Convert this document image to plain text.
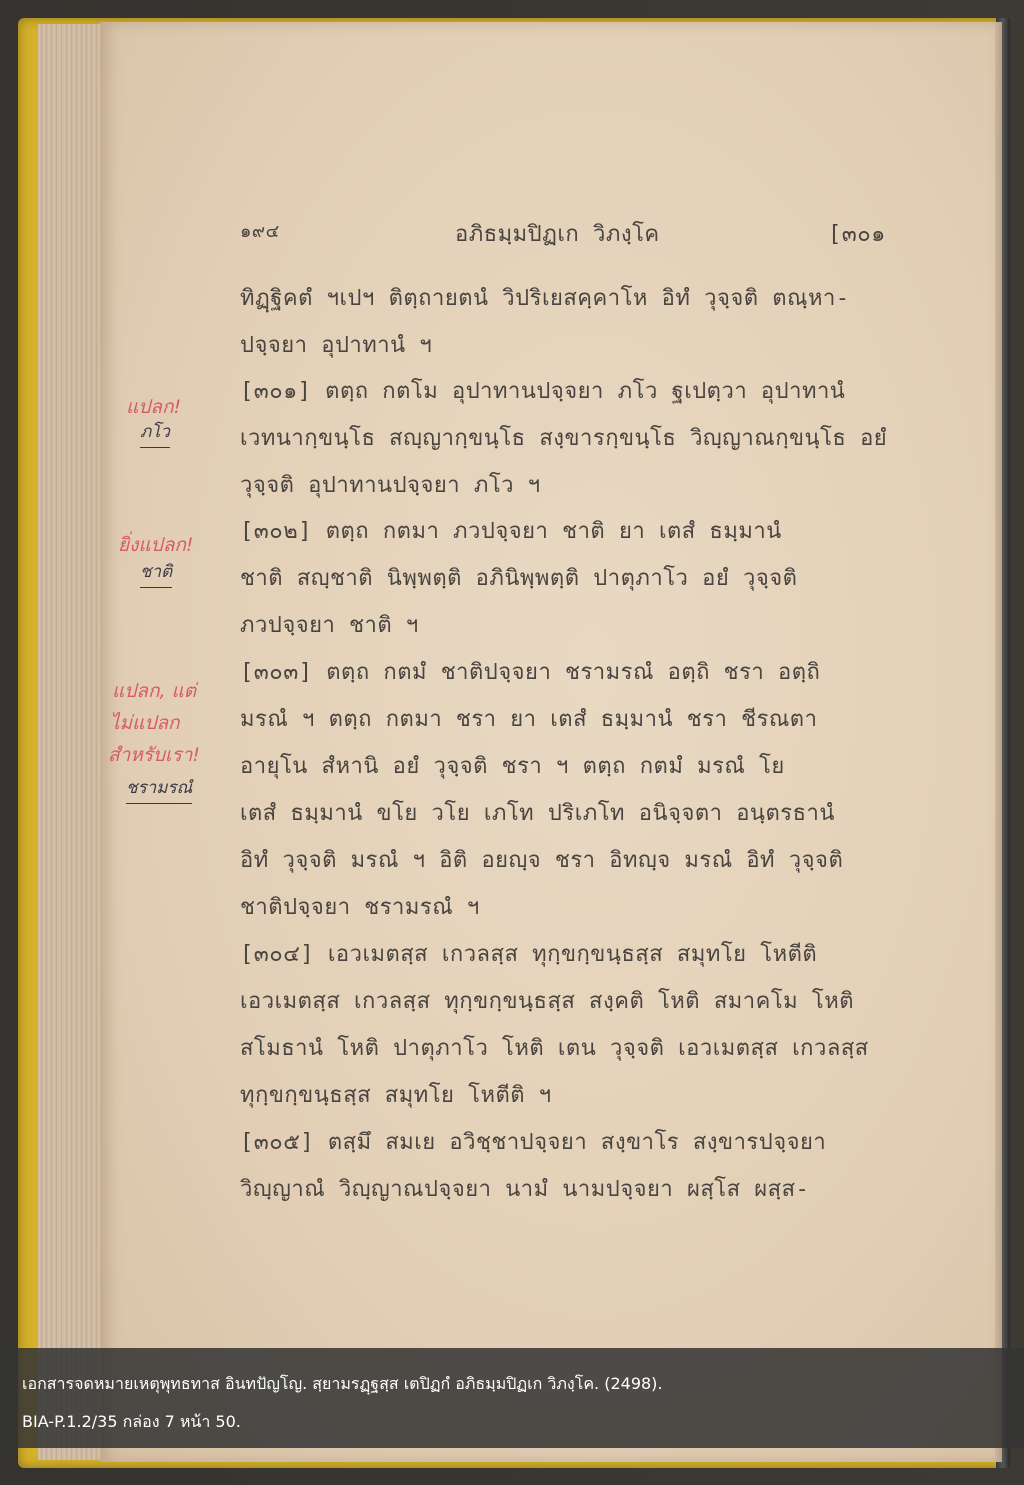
๑๙๔	อภิธมฺมปิฏเก วิภงฺโค	[๓๐๑
ทิฏฺฐิคตํ ฯเปฯ ติตฺถายตนํ วิปริเยสคฺคาโห อิทํ วุจฺจติ ตณฺหา-
ปจฺจยา อุปาทานํ ฯ
[๓๐๑] ตตฺถ กตโม อุปาทานปจฺจยา ภโว ฐเปตฺวา อุปาทานํ
เวทนากฺขนฺโธ สญฺญากฺขนฺโธ สงฺขารกฺขนฺโธ วิญฺญาณกฺขนฺโธ อยํ
วุจฺจติ อุปาทานปจฺจยา ภโว ฯ
[๓๐๒] ตตฺถ กตมา ภวปจฺจยา ชาติ ยา เตสํ ธมฺมานํ
ชาติ สญฺชาติ นิพฺพตฺติ อภินิพฺพตฺติ ปาตุภาโว อยํ วุจฺจติ
ภวปจฺจยา ชาติ ฯ
[๓๐๓] ตตฺถ กตมํ ชาติปจฺจยา ชรามรณํ อตฺถิ ชรา อตฺถิ
มรณํ ฯ ตตฺถ กตมา ชรา ยา เตสํ ธมฺมานํ ชรา ชีรณตา
อายุโน สํหานิ อยํ วุจฺจติ ชรา ฯ ตตฺถ กตมํ มรณํ โย
เตสํ ธมฺมานํ ขโย วโย เภโท ปริเภโท อนิจฺจตา อนฺตรธานํ
อิทํ วุจฺจติ มรณํ ฯ อิติ อยญฺจ ชรา อิทญฺจ มรณํ อิทํ วุจฺจติ
ชาติปจฺจยา ชรามรณํ ฯ
[๓๐๔] เอวเมตสฺส เกวลสฺส ทุกฺขกฺขนฺธสฺส สมุทโย โหตีติ
เอวเมตสฺส เกวลสฺส ทุกฺขกฺขนฺธสฺส สงฺคติ โหติ สมาคโม โหติ
สโมธานํ โหติ ปาตุภาโว โหติ เตน วุจฺจติ เอวเมตสฺส เกวลสฺส
ทุกฺขกฺขนฺธสฺส สมุทโย โหตีติ ฯ
[๓๐๕] ตสฺมึ สมเย อวิชฺชาปจฺจยา สงฺขาโร สงฺขารปจฺจยา
วิญฺญาณํ วิญฺญาณปจฺจยา นามํ นามปจฺจยา ผสฺโส ผสฺส-
แปลก!
ภโว
ยิ่งแปลก!
ชาติ
แปลก, แต่
ไม่แปลก
สำหรับเรา!
ชรามรณํ
เอกสารจดหมายเหตุพุทธทาส อินทปัญโญ. สฺยามรฏฺฐสฺส เตปิฏกํ อภิธมฺมปิฏเก วิภงฺโค. (2498).
BIA-P.1.2/35 กล่อง 7 หน้า 50.
